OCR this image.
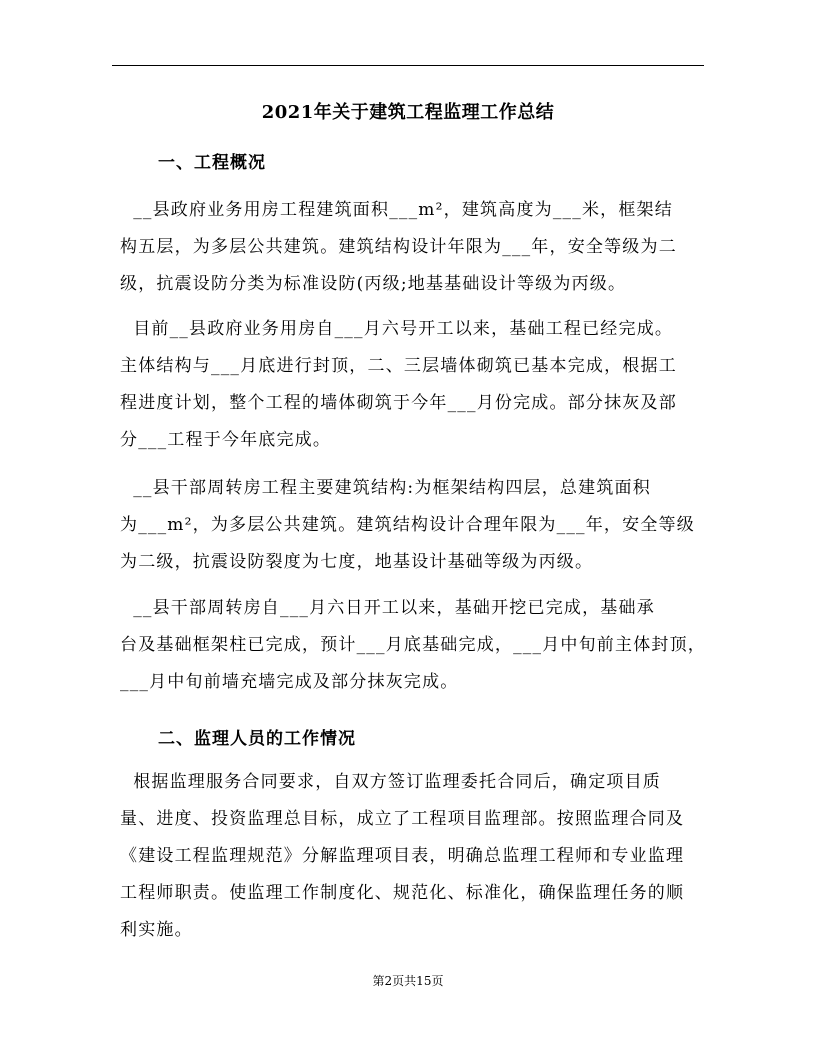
2021年关于建筑工程监理工作总结
一、工程概况
__县政府业务用房工程建筑面积___m²，建筑高度为___米，框架结
构五层，为多层公共建筑。建筑结构设计年限为___年，安全等级为二
级，抗震设防分类为标准设防(丙级;地基基础设计等级为丙级。
目前__县政府业务用房自___月六号开工以来，基础工程已经完成。
主体结构与___月底进行封顶，二、三层墙体砌筑已基本完成，根据工
程进度计划，整个工程的墙体砌筑于今年___月份完成。部分抹灰及部
分___工程于今年底完成。
__县干部周转房工程主要建筑结构:为框架结构四层，总建筑面积
为___m²，为多层公共建筑。建筑结构设计合理年限为___年，安全等级
为二级，抗震设防裂度为七度，地基设计基础等级为丙级。
__县干部周转房自___月六日开工以来，基础开挖已完成，基础承
台及基础框架柱已完成，预计___月底基础完成，___月中旬前主体封顶，
___月中旬前墙充墙完成及部分抹灰完成。
二、监理人员的工作情况
根据监理服务合同要求，自双方签订监理委托合同后，确定项目质
量、进度、投资监理总目标，成立了工程项目监理部。按照监理合同及
《建设工程监理规范》分解监理项目表，明确总监理工程师和专业监理
工程师职责。使监理工作制度化、规范化、标准化，确保监理任务的顺
利实施。
第2页共15页
